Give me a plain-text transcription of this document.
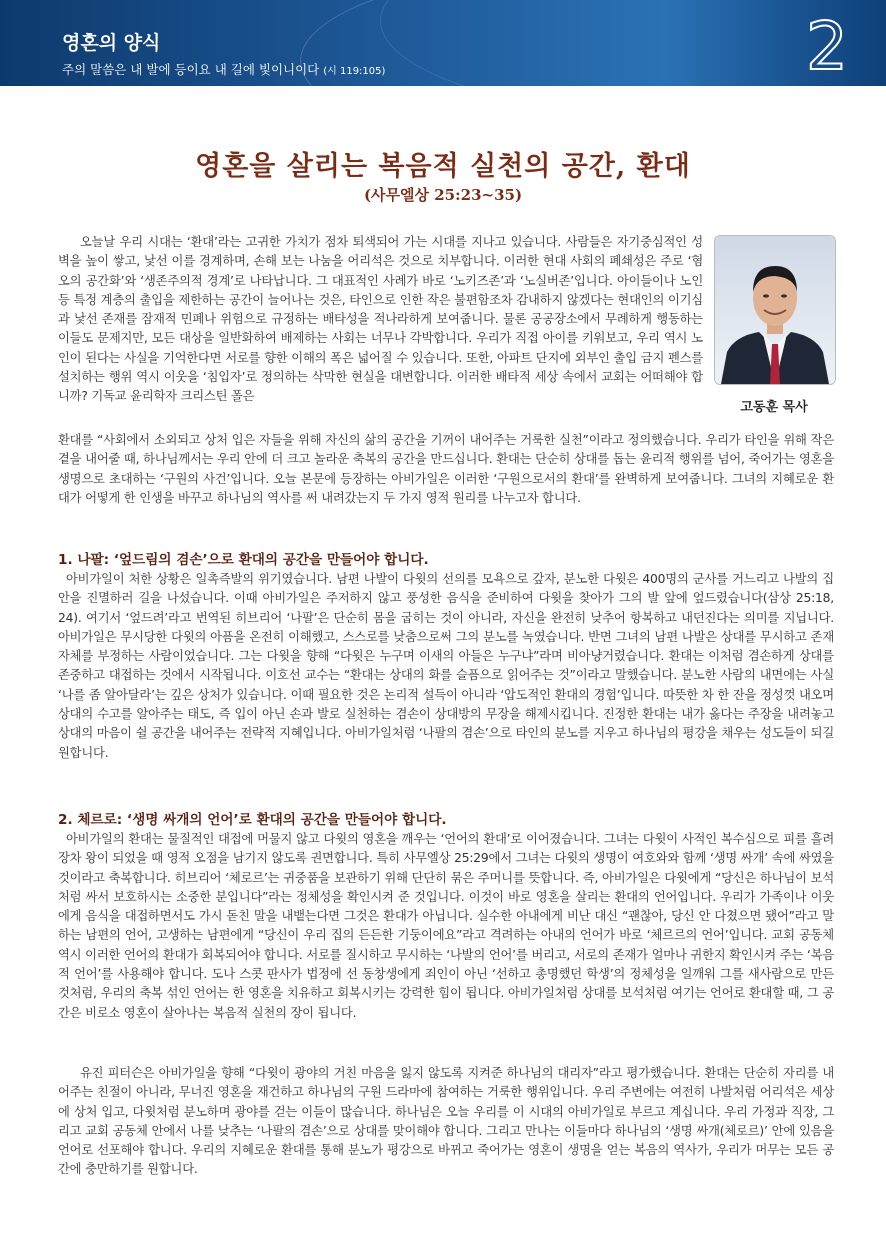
영혼의 양식
주의 말씀은 내 발에 등이요 내 길에 빛이니이다 (시 119:105)	2
영혼을 살리는 복음적 실천의 공간, 환대
(사무엘상 25:23~35)
고동훈 목사

오늘날 우리 시대는 ‘환대’라는 고귀한 가치가 점차 퇴색되어 가는 시대를 지나고 있습니다. 사람들은 자기중심적인 성벽을 높이 쌓고, 낯선 이를 경계하며, 손해 보는 나눔을 어리석은 것으로 치부합니다. 이러한 현대 사회의 폐쇄성은 주로 ‘혐오의 공간화’와 ‘생존주의적 경계’로 나타납니다. 그 대표적인 사례가 바로 ‘노키즈존’과 ‘노실버존’입니다. 아이들이나 노인 등 특정 계층의 출입을 제한하는 공간이 늘어나는 것은, 타인으로 인한 작은 불편함조차 감내하지 않겠다는 현대인의 이기심과 낯선 존재를 잠재적 민폐나 위험으로 규정하는 배타성을 적나라하게 보여줍니다. 물론 공공장소에서 무례하게 행동하는 이들도 문제지만, 모든 대상을 일반화하여 배제하는 사회는 너무나 각박합니다. 우리가 직접 아이를 키워보고, 우리 역시 노인이 된다는 사실을 기억한다면 서로를 향한 이해의 폭은 넓어질 수 있습니다. 또한, 아파트 단지에 외부인 출입 금지 펜스를 설치하는 행위 역시 이웃을 ‘침입자’로 정의하는 삭막한 현실을 대변합니다. 이러한 배타적 세상 속에서 교회는 어떠해야 합니까? 기독교 윤리학자 크리스틴 폴은

환대를 “사회에서 소외되고 상처 입은 자들을 위해 자신의 삶의 공간을 기꺼이 내어주는 거룩한 실천”이라고 정의했습니다. 우리가 타인을 위해 작은 곁을 내어줄 때, 하나님께서는 우리 안에 더 크고 놀라운 축복의 공간을 만드십니다. 환대는 단순히 상대를 돕는 윤리적 행위를 넘어, 죽어가는 영혼을 생명으로 초대하는 ‘구원의 사건’입니다. 오늘 본문에 등장하는 아비가일은 이러한 ‘구원으로서의 환대’를 완벽하게 보여줍니다. 그녀의 지혜로운 환대가 어떻게 한 인생을 바꾸고 하나님의 역사를 써 내려갔는지 두 가지 영적 원리를 나누고자 합니다.

1. 나팔: ‘엎드림의 겸손’으로 환대의 공간을 만들어야 합니다.

아비가일이 처한 상황은 일촉즉발의 위기였습니다. 남편 나발이 다윗의 선의를 모욕으로 갚자, 분노한 다윗은 400명의 군사를 거느리고 나발의 집안을 진멸하러 길을 나섰습니다. 이때 아비가일은 주저하지 않고 풍성한 음식을 준비하여 다윗을 찾아가 그의 발 앞에 엎드렸습니다(삼상 25:18, 24). 여기서 ‘엎드려’라고 번역된 히브리어 ‘나팔’은 단순히 몸을 굽히는 것이 아니라, 자신을 완전히 낮추어 항복하고 내던진다는 의미를 지닙니다. 아비가일은 무시당한 다윗의 아픔을 온전히 이해했고, 스스로를 낮춤으로써 그의 분노를 녹였습니다. 반면 그녀의 남편 나발은 상대를 무시하고 존재 자체를 부정하는 사람이었습니다. 그는 다윗을 향해 “다윗은 누구며 이새의 아들은 누구냐”라며 비아냥거렸습니다. 환대는 이처럼 겸손하게 상대를 존중하고 대접하는 것에서 시작됩니다. 이호선 교수는 “환대는 상대의 화를 슬픔으로 읽어주는 것”이라고 말했습니다. 분노한 사람의 내면에는 사실 ‘나를 좀 알아달라’는 깊은 상처가 있습니다. 이때 필요한 것은 논리적 설득이 아니라 ‘압도적인 환대의 경험’입니다. 따뜻한 차 한 잔을 정성껏 내오며 상대의 수고를 알아주는 태도, 즉 입이 아닌 손과 발로 실천하는 겸손이 상대방의 무장을 해제시킵니다. 진정한 환대는 내가 옳다는 주장을 내려놓고 상대의 마음이 쉴 공간을 내어주는 전략적 지혜입니다. 아비가일처럼 ‘나팔의 겸손’으로 타인의 분노를 지우고 하나님의 평강을 채우는 성도들이 되길 원합니다.

2. 체르로: ‘생명 싸개의 언어’로 환대의 공간을 만들어야 합니다.

아비가일의 환대는 물질적인 대접에 머물지 않고 다윗의 영혼을 깨우는 ‘언어의 환대’로 이어졌습니다. 그녀는 다윗이 사적인 복수심으로 피를 흘려 장차 왕이 되었을 때 영적 오점을 남기지 않도록 권면합니다. 특히 사무엘상 25:29에서 그녀는 다윗의 생명이 여호와와 함께 ‘생명 싸개’ 속에 싸였을 것이라고 축복합니다. 히브리어 ‘체로르’는 귀중품을 보관하기 위해 단단히 묶은 주머니를 뜻합니다. 즉, 아비가일은 다윗에게 “당신은 하나님이 보석처럼 싸서 보호하시는 소중한 분입니다”라는 정체성을 확인시켜 준 것입니다. 이것이 바로 영혼을 살리는 환대의 언어입니다. 우리가 가족이나 이웃에게 음식을 대접하면서도 가시 돋친 말을 내뱉는다면 그것은 환대가 아닙니다. 실수한 아내에게 비난 대신 “괜찮아, 당신 안 다쳤으면 됐어”라고 말하는 남편의 언어, 고생하는 남편에게 “당신이 우리 집의 든든한 기둥이에요”라고 격려하는 아내의 언어가 바로 ‘체르르의 언어’입니다. 교회 공동체 역시 이러한 언어의 환대가 회복되어야 합니다. 서로를 질시하고 무시하는 ‘나발의 언어’를 버리고, 서로의 존재가 얼마나 귀한지 확인시켜 주는 ‘복음적 언어’를 사용해야 합니다. 도나 스콧 판사가 법정에 선 동창생에게 죄인이 아닌 ‘선하고 총명했던 학생’의 정체성을 일깨워 그를 새사람으로 만든 것처럼, 우리의 축복 섞인 언어는 한 영혼을 치유하고 회복시키는 강력한 힘이 됩니다. 아비가일처럼 상대를 보석처럼 여기는 언어로 환대할 때, 그 공간은 비로소 영혼이 살아나는 복음적 실천의 장이 됩니다.

유진 피터슨은 아비가일을 향해 “다윗이 광야의 거친 마음을 잃지 않도록 지켜준 하나님의 대리자”라고 평가했습니다. 환대는 단순히 자리를 내어주는 친절이 아니라, 무너진 영혼을 재건하고 하나님의 구원 드라마에 참여하는 거룩한 행위입니다. 우리 주변에는 여전히 나발처럼 어리석은 세상에 상처 입고, 다윗처럼 분노하며 광야를 걷는 이들이 많습니다. 하나님은 오늘 우리를 이 시대의 아비가일로 부르고 계십니다. 우리 가정과 직장, 그리고 교회 공동체 안에서 나를 낮추는 ‘나팔의 겸손’으로 상대를 맞이해야 합니다. 그리고 만나는 이들마다 하나님의 ‘생명 싸개(체로르)’ 안에 있음을 언어로 선포해야 합니다. 우리의 지혜로운 환대를 통해 분노가 평강으로 바뀌고 죽어가는 영혼이 생명을 얻는 복음의 역사가, 우리가 머무는 모든 공간에 충만하기를 원합니다.
